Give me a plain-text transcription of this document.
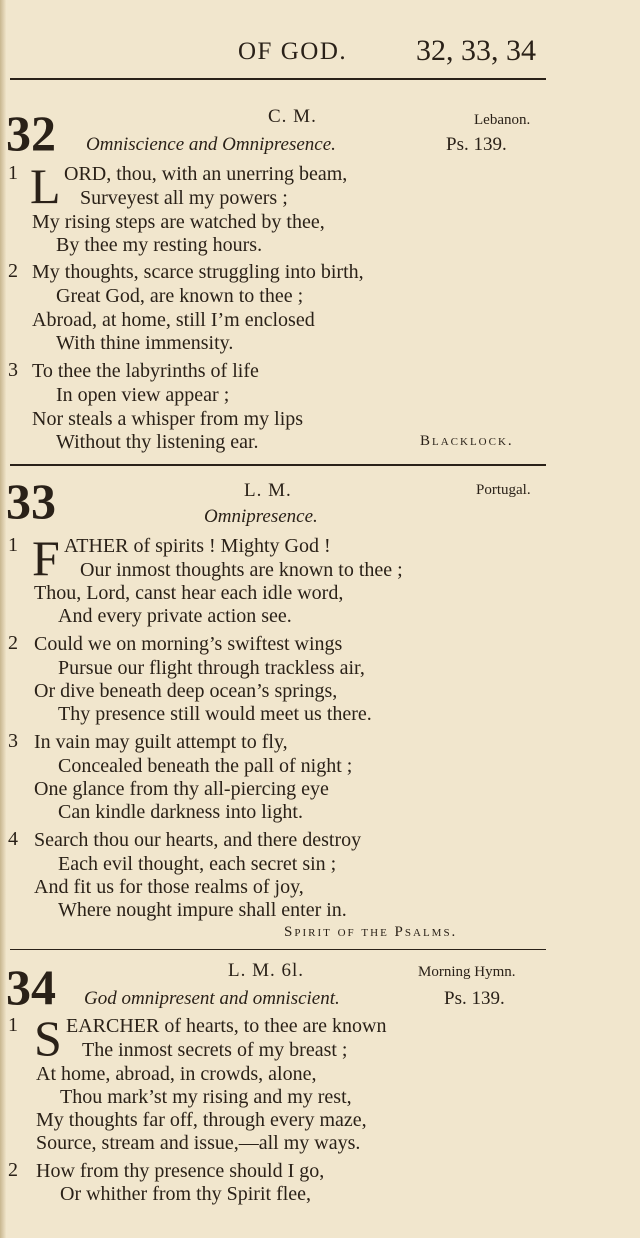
OF GOD. 32, 33, 34
32	C. M.	Lebanon.
Omniscience and Omnipresence.	Ps. 139.
1 L ORD, thou, with an unerring beam,
Surveyest all my powers ;
My rising steps are watched by thee,
By thee my resting hours.
2 My thoughts, scarce struggling into birth,
Great God, are known to thee ;
Abroad, at home, still I’m enclosed
With thine immensity.
3 To thee the labyrinths of life
In open view appear ;
Nor steals a whisper from my lips
Without thy listening ear.	Blacklock.
33	L. M.	Portugal.
Omnipresence.
1 F ATHER of spirits ! Mighty God !
Our inmost thoughts are known to thee ;
Thou, Lord, canst hear each idle word,
And every private action see.
2 Could we on morning’s swiftest wings
Pursue our flight through trackless air,
Or dive beneath deep ocean’s springs,
Thy presence still would meet us there.
3 In vain may guilt attempt to fly,
Concealed beneath the pall of night ;
One glance from thy all-piercing eye
Can kindle darkness into light.
4 Search thou our hearts, and there destroy
Each evil thought, each secret sin ;
And fit us for those realms of joy,
Where nought impure shall enter in.
Spirit of the Psalms.
34	L. M. 6l.	Morning Hymn.
God omnipresent and omniscient.	Ps. 139.
1 S EARCHER of hearts, to thee are known
The inmost secrets of my breast ;
At home, abroad, in crowds, alone,
Thou mark’st my rising and my rest,
My thoughts far off, through every maze,
Source, stream and issue,—all my ways.
2 How from thy presence should I go,
Or whither from thy Spirit flee,
